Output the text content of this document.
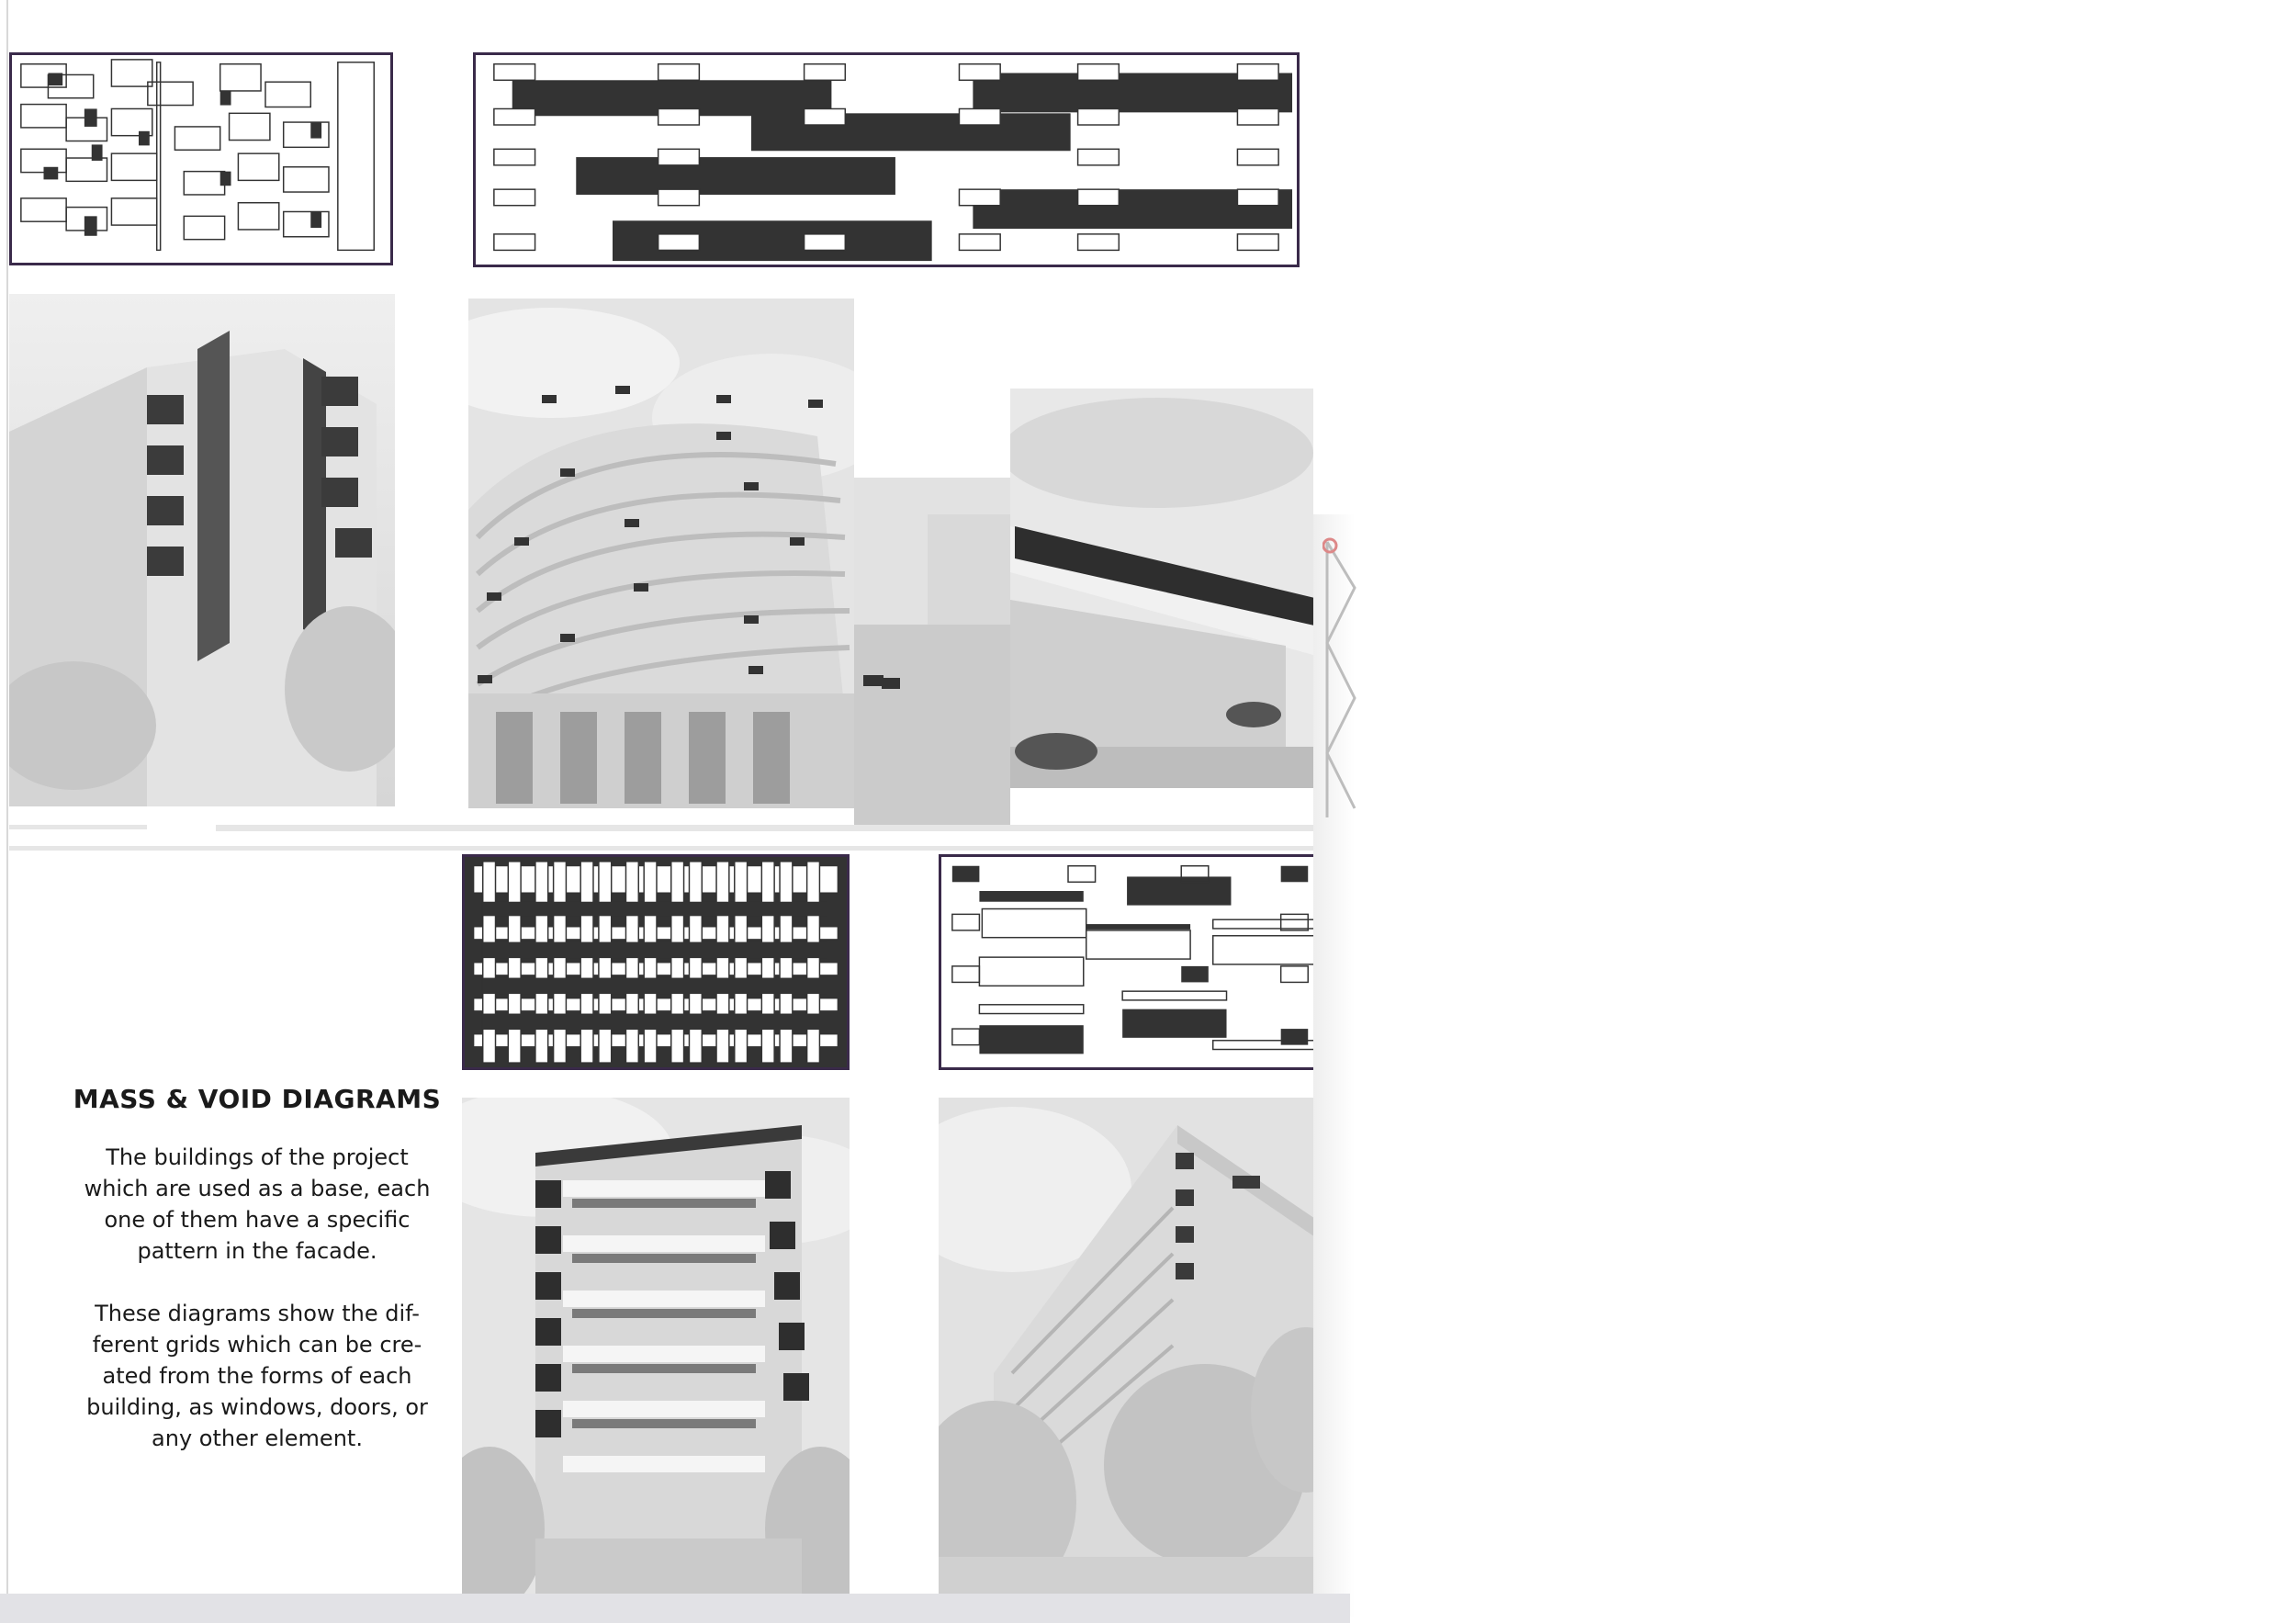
MASS & VOID DIAGRAMS

The buildings of the project
which are used as a base, each
one of them have a specific
pattern in the facade.

These diagrams show the dif-
ferent grids which can be cre-
ated from the forms of each
building, as windows, doors, or
any other element.
